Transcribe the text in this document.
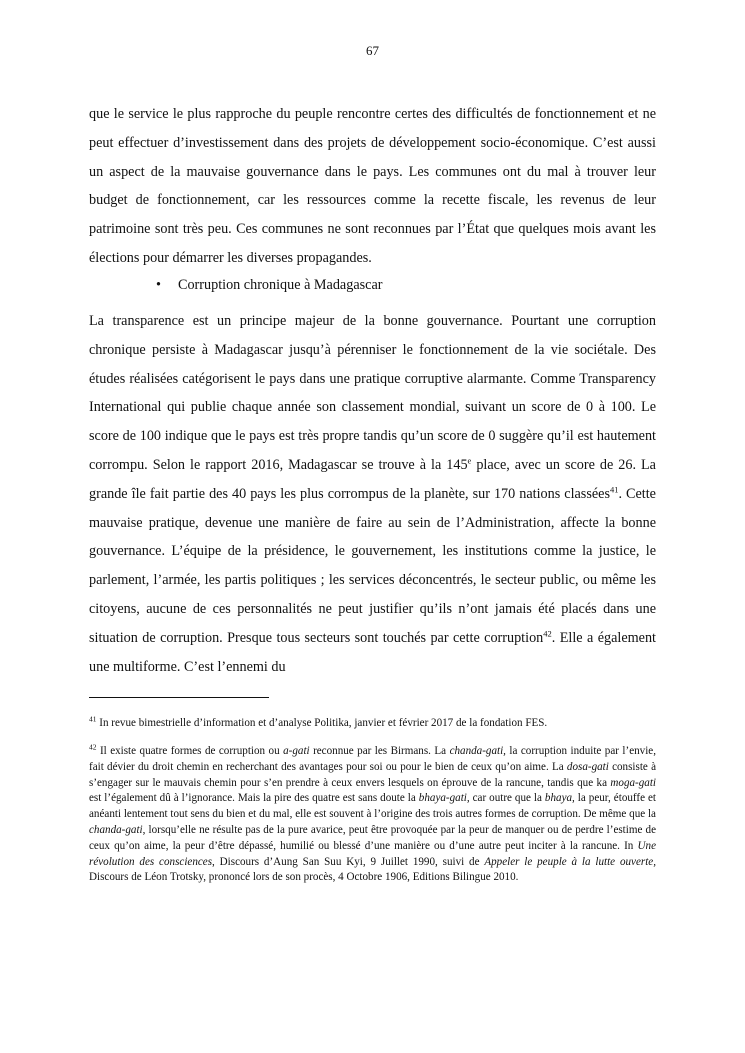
67

que le service le plus rapproche du peuple rencontre certes des difficultés de fonctionnement et ne peut effectuer d’investissement dans des projets de développement socio-économique. C’est aussi un aspect de la mauvaise gouvernance dans le pays. Les communes ont du mal à trouver leur budget de fonctionnement, car les ressources comme la recette fiscale, les revenus de leur patrimoine sont très peu. Ces communes ne sont reconnues par l’État que quelques mois avant les élections pour démarrer les diverses propagandes.

• Corruption chronique à Madagascar

La transparence est un principe majeur de la bonne gouvernance. Pourtant une corruption chronique persiste à Madagascar jusqu’à pérenniser le fonctionnement de la vie sociétale. Des études réalisées catégorisent le pays dans une pratique corruptive alarmante. Comme Transparency International qui publie chaque année son classement mondial, suivant un score de 0 à 100. Le score de 100 indique que le pays est très propre tandis qu’un score de 0 suggère qu’il est hautement corrompu. Selon le rapport 2016, Madagascar se trouve à la 145e place, avec un score de 26. La grande île fait partie des 40 pays les plus corrompus de la planète, sur 170 nations classées$^{41}$. Cette mauvaise pratique, devenue une manière de faire au sein de l’Administration, affecte la bonne gouvernance. L’équipe de la présidence, le gouvernement, les institutions comme la justice, le parlement, l’armée, les partis politiques ; les services déconcentrés, le secteur public, ou même les citoyens, aucune de ces personnalités ne peut justifier qu’ils n’ont jamais été placés dans une situation de corruption. Presque tous secteurs sont touchés par cette corruption$^{42}$. Elle a également une multiforme. C’est l’ennemi du

$^{41}$ In revue bimestrielle d’information et d’analyse Politika, janvier et février 2017 de la fondation FES.

$^{42}$ Il existe quatre formes de corruption ou a-gati reconnue par les Birmans. La chanda-gati, la corruption induite par l’envie, fait dévier du droit chemin en recherchant des avantages pour soi ou pour le bien de ceux qu’on aime. La dosa-gati consiste à s’engager sur le mauvais chemin pour s’en prendre à ceux envers lesquels on éprouve de la rancune, tandis que ka moga-gati est l’également dû à l’ignorance. Mais la pire des quatre est sans doute la bhaya-gati, car outre que la bhaya, la peur, étouffe et anéanti lentement tout sens du bien et du mal, elle est souvent à l’origine des trois autres formes de corruption. De même que la chanda-gati, lorsqu’elle ne résulte pas de la pure avarice, peut être provoquée par la peur de manquer ou de perdre l’estime de ceux qu’on aime, la peur d’être dépassé, humilié ou blessé d’une manière ou d’une autre peut inciter à la rancune. In Une révolution des consciences, Discours d’Aung San Suu Kyi, 9 Juillet 1990, suivi de Appeler le peuple à la lutte ouverte, Discours de Léon Trotsky, prononcé lors de son procès, 4 Octobre 1906, Editions Bilingue 2010.
